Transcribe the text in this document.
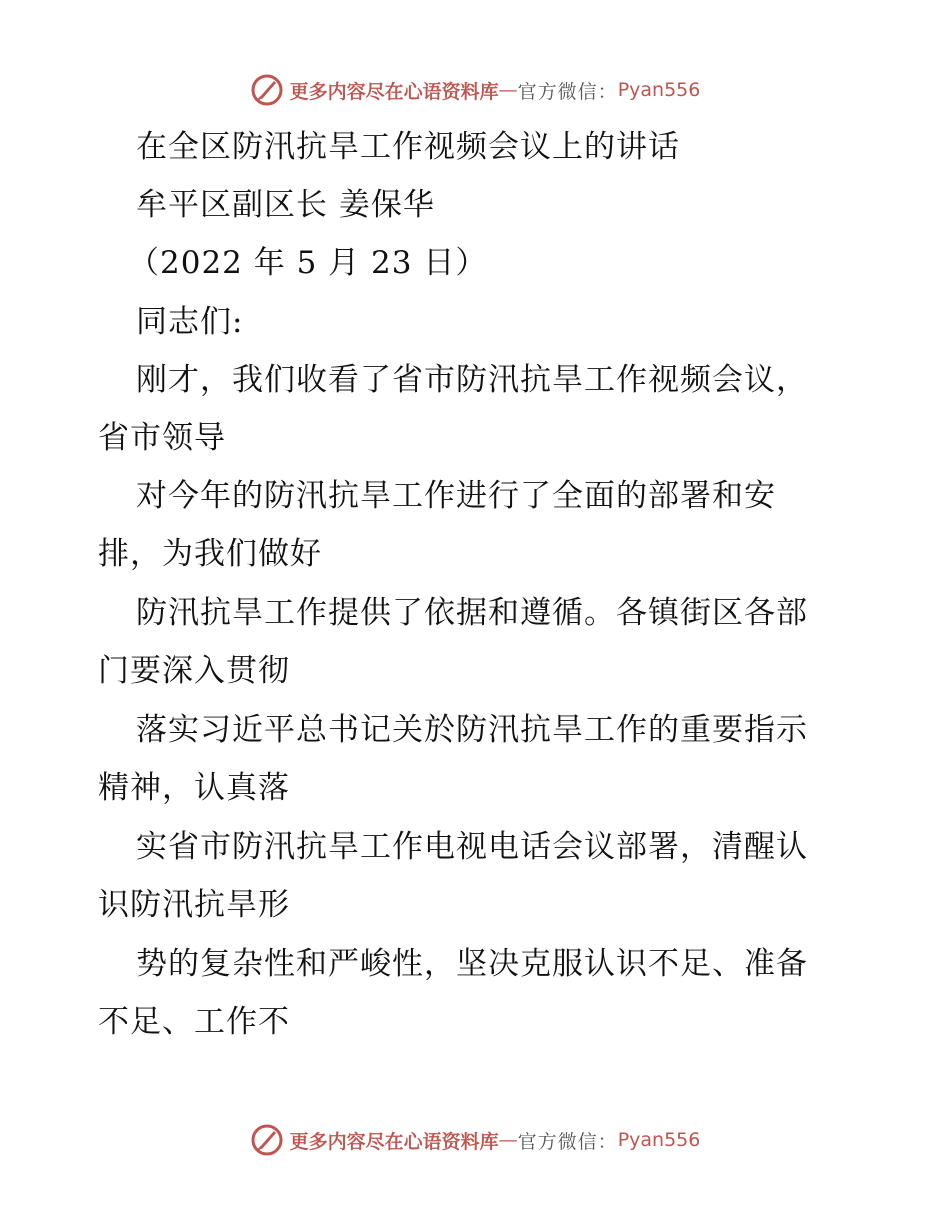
更多内容尽在心语资料库 — 官方微信： Pyan556
在全区防汛抗旱工作视频会议上的讲话
牟平区副区长 姜保华
（2022 年 5 月 23 日）
同志们:
刚才，我们收看了省市防汛抗旱工作视频会议，
省市领导
对今年的防汛抗旱工作进行了全面的部署和安
排，为我们做好
防汛抗旱工作提供了依据和遵循。各镇街区各部
门要深入贯彻
落实习近平总书记关於防汛抗旱工作的重要指示
精神，认真落
实省市防汛抗旱工作电视电话会议部署，清醒认
识防汛抗旱形
势的复杂性和严峻性，坚决克服认识不足、准备
不足、工作不
更多内容尽在心语资料库 — 官方微信： Pyan556
